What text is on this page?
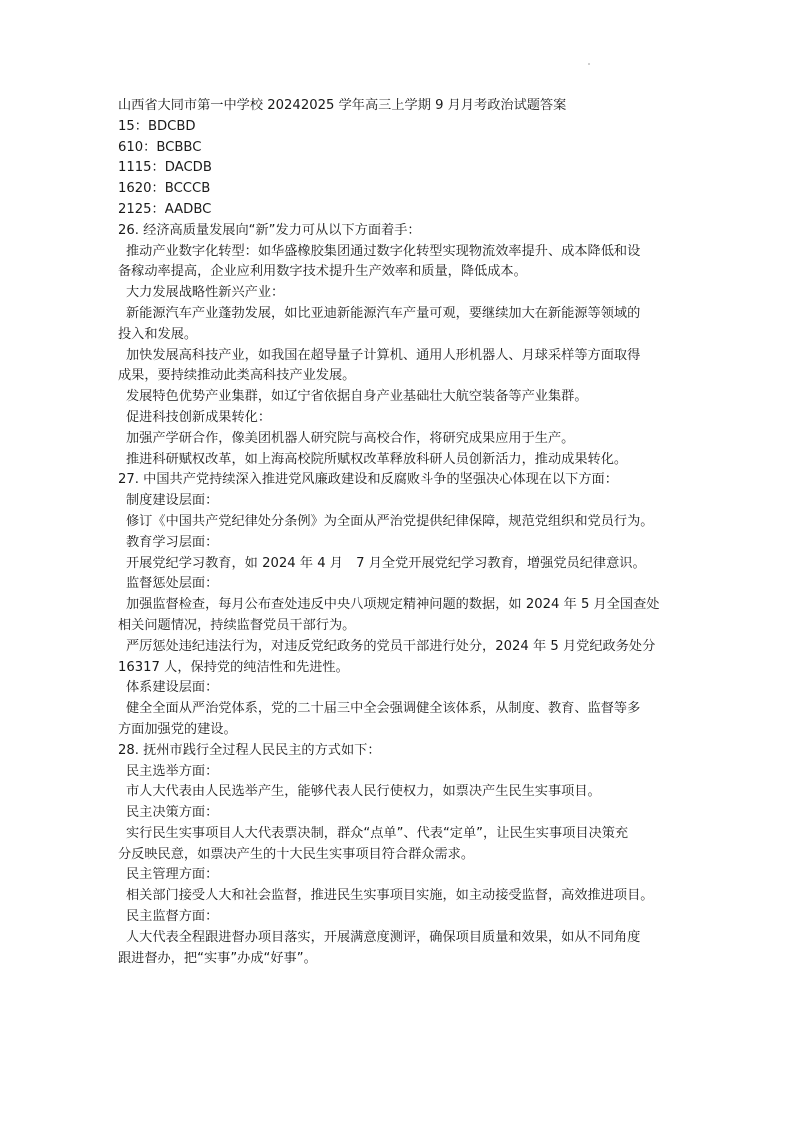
山西省大同市第一中学校 20242025 学年高三上学期 9 月月考政治试题答案
15：BDCBD
610：BCBBC
1115：DACDB
1620：BCCCB
2125：AADBC
26. 经济高质量发展向“新”发力可从以下方面着手：
推动产业数字化转型：如华盛橡胶集团通过数字化转型实现物流效率提升、成本降低和设
备稼动率提高，企业应利用数字技术提升生产效率和质量，降低成本。
大力发展战略性新兴产业：
新能源汽车产业蓬勃发展，如比亚迪新能源汽车产量可观，要继续加大在新能源等领域的
投入和发展。
加快发展高科技产业，如我国在超导量子计算机、通用人形机器人、月球采样等方面取得
成果，要持续推动此类高科技产业发展。
发展特色优势产业集群，如辽宁省依据自身产业基础壮大航空装备等产业集群。
促进科技创新成果转化：
加强产学研合作，像美团机器人研究院与高校合作，将研究成果应用于生产。
推进科研赋权改革，如上海高校院所赋权改革释放科研人员创新活力，推动成果转化。
27. 中国共产党持续深入推进党风廉政建设和反腐败斗争的坚强决心体现在以下方面：
制度建设层面：
修订《中国共产党纪律处分条例》为全面从严治党提供纪律保障，规范党组织和党员行为。
教育学习层面：
开展党纪学习教育，如 2024 年 4 月　7 月全党开展党纪学习教育，增强党员纪律意识。
监督惩处层面：
加强监督检查，每月公布查处违反中央八项规定精神问题的数据，如 2024 年 5 月全国查处
相关问题情况，持续监督党员干部行为。
严厉惩处违纪违法行为，对违反党纪政务的党员干部进行处分，2024 年 5 月党纪政务处分
16317 人，保持党的纯洁性和先进性。
体系建设层面：
健全全面从严治党体系，党的二十届三中全会强调健全该体系，从制度、教育、监督等多
方面加强党的建设。
28. 抚州市践行全过程人民民主的方式如下：
民主选举方面：
市人大代表由人民选举产生，能够代表人民行使权力，如票决产生民生实事项目。
民主决策方面：
实行民生实事项目人大代表票决制，群众“点单”、代表“定单”，让民生实事项目决策充
分反映民意，如票决产生的十大民生实事项目符合群众需求。
民主管理方面：
相关部门接受人大和社会监督，推进民生实事项目实施，如主动接受监督，高效推进项目。
民主监督方面：
人大代表全程跟进督办项目落实，开展满意度测评，确保项目质量和效果，如从不同角度
跟进督办，把“实事”办成“好事”。
